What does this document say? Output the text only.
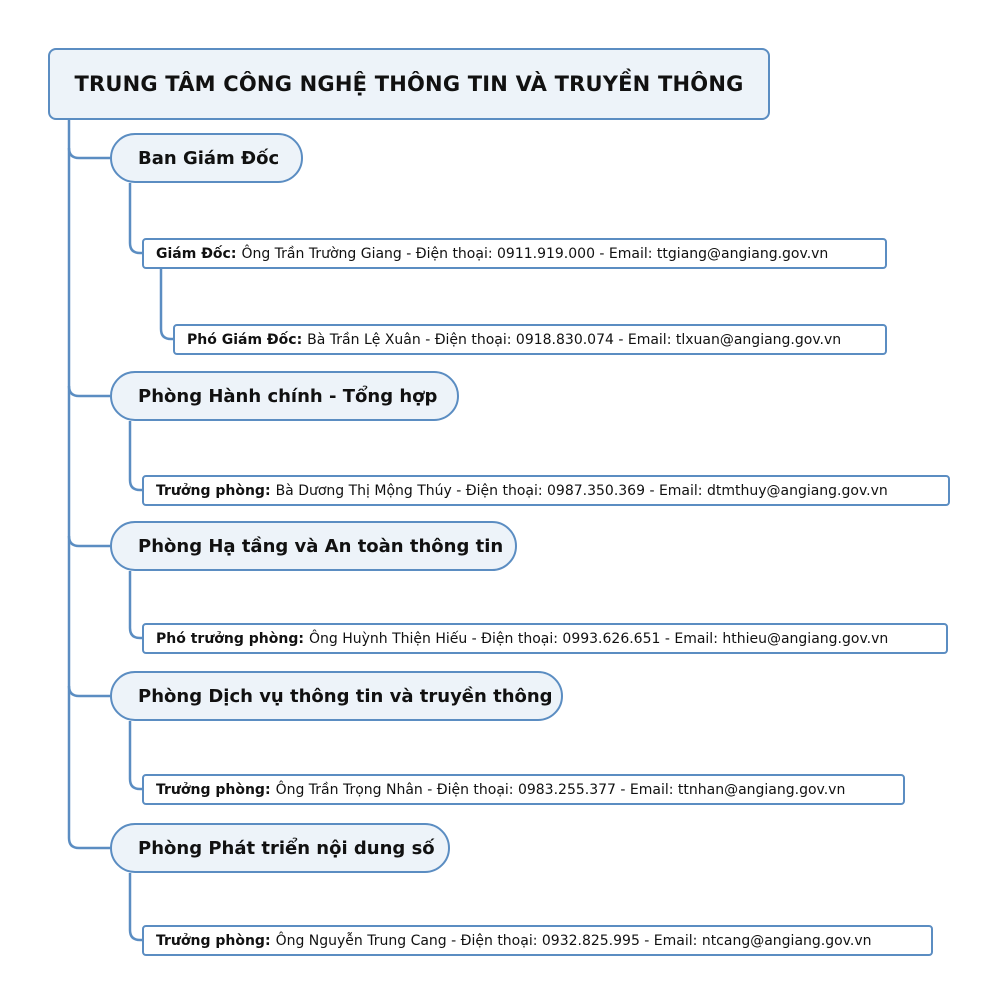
TRUNG TÂM CÔNG NGHỆ THÔNG TIN VÀ TRUYỀN THÔNG
Ban Giám Đốc
Giám Đốc: Ông Trần Trường Giang - Điện thoại: 0911.919.000 - Email: ttgiang@angiang.gov.vn
Phó Giám Đốc: Bà Trần Lệ Xuân - Điện thoại: 0918.830.074 - Email: tlxuan@angiang.gov.vn
Phòng Hành chính - Tổng hợp
Trưởng phòng: Bà Dương Thị Mộng Thúy - Điện thoại: 0987.350.369 - Email: dtmthuy@angiang.gov.vn
Phòng Hạ tầng và An toàn thông tin
Phó trưởng phòng: Ông Huỳnh Thiện Hiếu - Điện thoại: 0993.626.651 - Email: hthieu@angiang.gov.vn
Phòng Dịch vụ thông tin và truyền thông
Trưởng phòng: Ông Trần Trọng Nhân - Điện thoại: 0983.255.377 - Email: ttnhan@angiang.gov.vn
Phòng Phát triển nội dung số
Trưởng phòng: Ông Nguyễn Trung Cang - Điện thoại: 0932.825.995 - Email: ntcang@angiang.gov.vn
